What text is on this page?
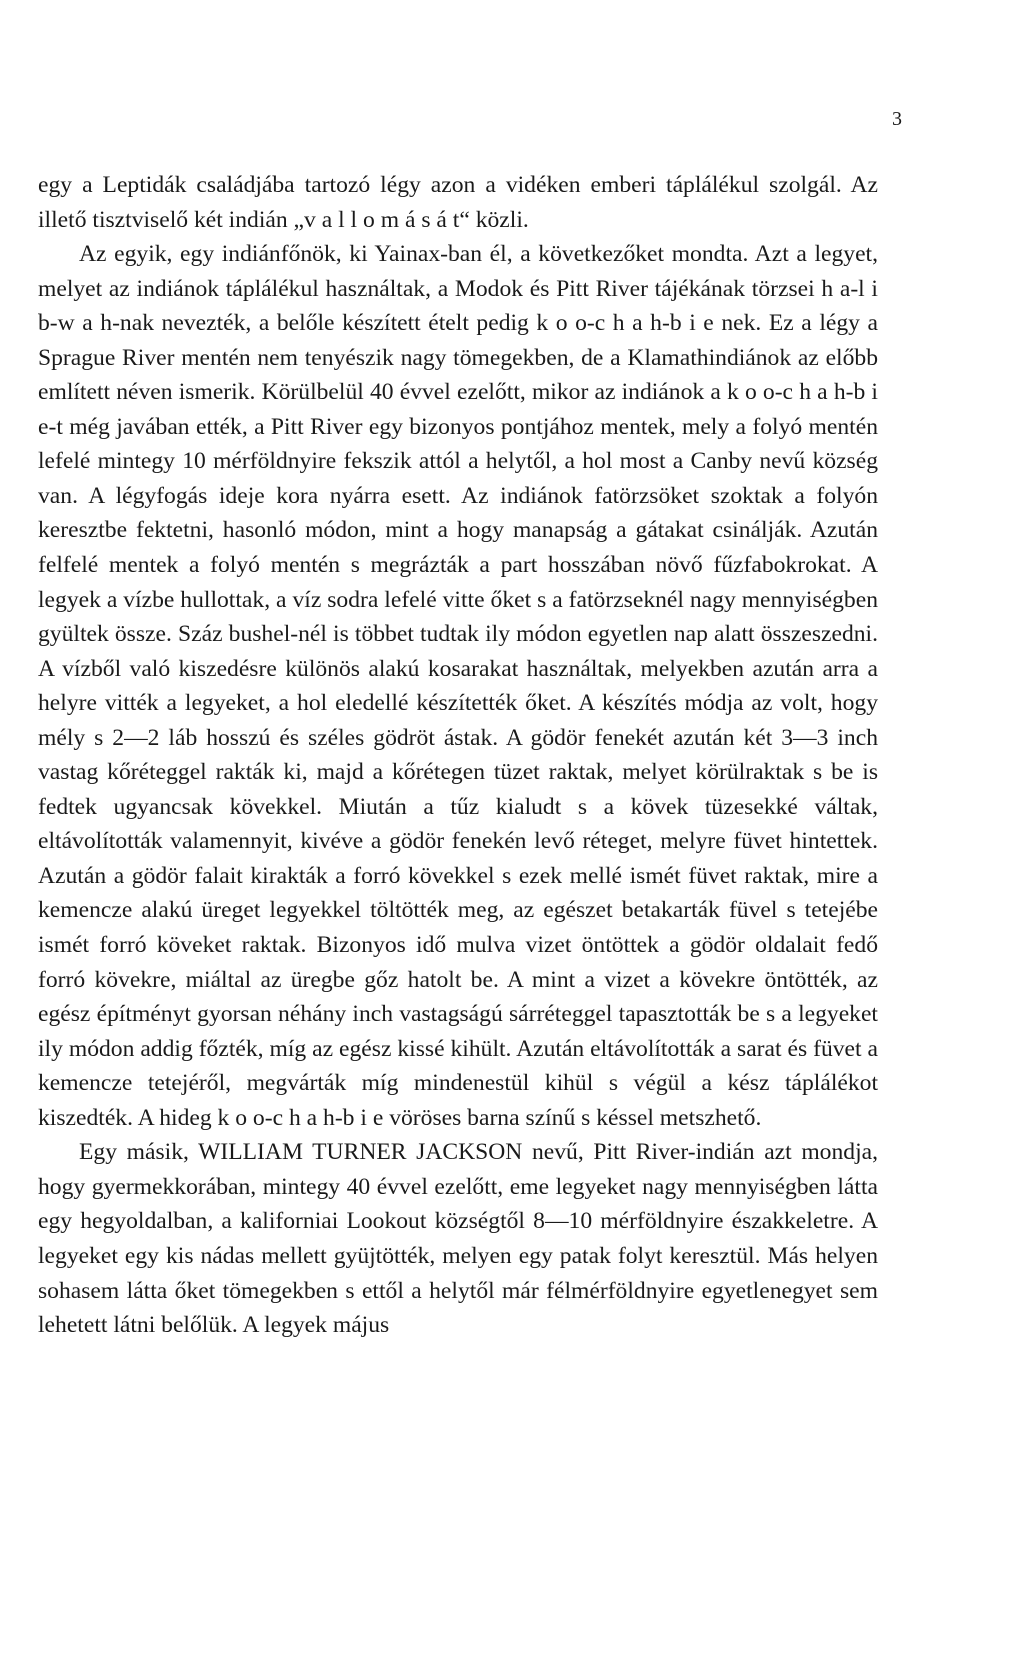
3

egy a Leptidák családjába tartozó légy azon a vidéken emberi táplálékul szolgál. Az illető tisztviselő két indián „v a l l o m á s á t“ közli.

Az egyik, egy indiánfőnök, ki Yainax-ban él, a következőket mondta. Azt a legyet, melyet az indiánok táplálékul használtak, a Modok és Pitt River tájékának törzsei h a-l i b-w a h-nak nevezték, a belőle készített ételt pedig k o o-c h a h-b i e nek. Ez a légy a Sprague River mentén nem tenyészik nagy tömegekben, de a Klamathindiánok az előbb említett néven ismerik. Körülbelül 40 évvel ezelőtt, mikor az indiánok a k o o-c h a h-b i e-t még javában ették, a Pitt River egy bizonyos pontjához mentek, mely a folyó mentén lefelé mintegy 10 mérföldnyire fekszik attól a helytől, a hol most a Canby nevű község van. A légyfogás ideje kora nyárra esett. Az indiánok fatörzsöket szoktak a folyón keresztbe fektetni, hasonló módon, mint a hogy manapság a gátakat csinálják. Azután felfelé mentek a folyó mentén s megrázták a part hosszában növő fűzfabokrokat. A legyek a vízbe hullottak, a víz sodra lefelé vitte őket s a fatörzseknél nagy mennyiségben gyültek össze. Száz bushel-nél is többet tudtak ily módon egyetlen nap alatt összeszedni. A vízből való kiszedésre különös alakú kosarakat használtak, melyekben azután arra a helyre vitték a legyeket, a hol eledellé készítették őket. A készítés módja az volt, hogy mély s 2—2 láb hosszú és széles gödröt ástak. A gödör fenekét azután két 3—3 inch vastag kőréteggel rakták ki, majd a kőrétegen tüzet raktak, melyet körülraktak s be is fedtek ugyancsak kövekkel. Miután a tűz kialudt s a kövek tüzesekké váltak, eltávolították valamennyit, kivéve a gödör fenekén levő réteget, melyre füvet hintettek. Azután a gödör falait kirakták a forró kövekkel s ezek mellé ismét füvet raktak, mire a kemencze alakú üreget legyekkel töltötték meg, az egészet betakarták füvel s tetejébe ismét forró köveket raktak. Bizonyos idő mulva vizet öntöttek a gödör oldalait fedő forró kövekre, miáltal az üregbe gőz hatolt be. A mint a vizet a kövekre öntötték, az egész építményt gyorsan néhány inch vastagságú sárréteggel tapasztották be s a legyeket ily módon addig főzték, míg az egész kissé kihült. Azután eltávolították a sarat és füvet a kemencze tetejéről, megvárták míg mindenestül kihül s végül a kész táplálékot kiszedték. A hideg k o o-c h a h-b i e vöröses barna színű s késsel metszhető.

Egy másik, WILLIAM TURNER JACKSON nevű, Pitt River-indián azt mondja, hogy gyermekkorában, mintegy 40 évvel ezelőtt, eme legyeket nagy mennyiségben látta egy hegyoldalban, a kaliforniai Lookout községtől 8—10 mérföldnyire északkeletre. A legyeket egy kis nádas mellett gyüjtötték, melyen egy patak folyt keresztül. Más helyen sohasem látta őket tömegekben s ettől a helytől már félmérföldnyire egyetlenegyet sem lehetett látni belőlük. A legyek május
